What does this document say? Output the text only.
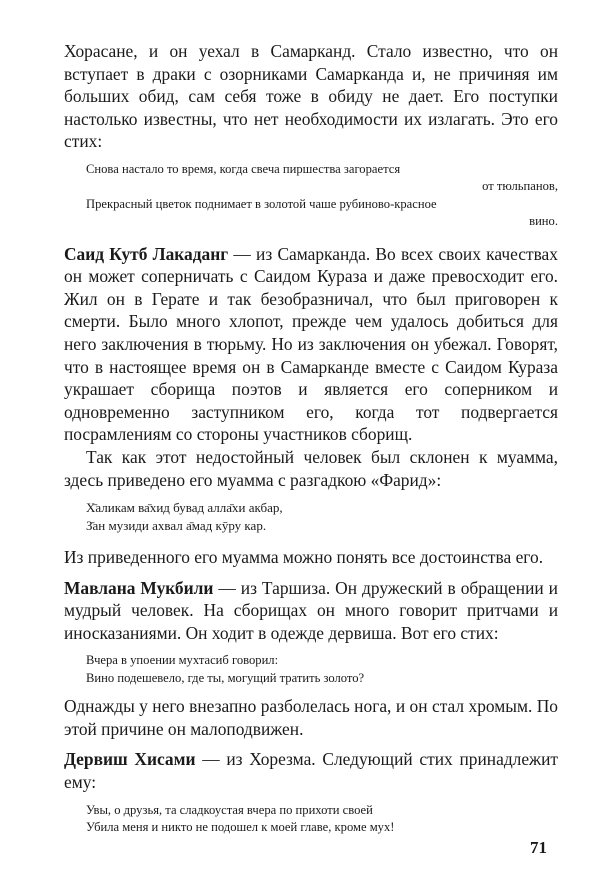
Хорасане, и он уехал в Самарканд. Стало известно, что он вступает в драки с озорниками Самарканда и, не причиняя им больших обид, сам себя тоже в обиду не дает. Его поступки настолько известны, что нет необходимости их излагать. Это его стих:

Снова настало то время, когда свеча пиршества загорается
от тюльпанов,
Прекрасный цветок поднимает в золотой чаше рубиново-красное
вино.

Саид Кутб Лакаданг — из Самарканда. Во всех своих качествах он может соперничать с Саидом Кураза и даже превосходит его. Жил он в Герате и так безобразничал, что был приговорен к смерти. Было много хлопот, прежде чем удалось добиться для него заключения в тюрьму. Но из заключения он убежал. Говорят, что в настоящее время он в Самарканде вместе с Саидом Кураза украшает сборища поэтов и является его соперником и одновременно заступником его, когда тот подвергается посрамлениям со стороны участников сборищ.

Так как этот недостойный человек был склонен к муамма, здесь приведено его муамма с разгадкою «Фарид»:

Х̄аликам ва̄хид бувад алла̄хи акбар,
З̄ан музиди ахвал а̄мад кӯру кар.

Из приведенного его муамма можно понять все достоинства его.

Мавлана Мукбили — из Таршиза. Он дружеский в обращении и мудрый человек. На сборищах он много говорит притчами и иносказаниями. Он ходит в одежде дервиша. Вот его стих:

Вчера в упоении мухтасиб говорил:
Вино подешевело, где ты, могущий тратить золото?

Однажды у него внезапно разболелась нога, и он стал хромым. По этой причине он малоподвижен.

Дервиш Хисами — из Хорезма. Следующий стих принадлежит ему:

Увы, о друзья, та сладкоустая вчера по прихоти своей
Убила меня и никто не подошел к моей главе, кроме мух!
71
